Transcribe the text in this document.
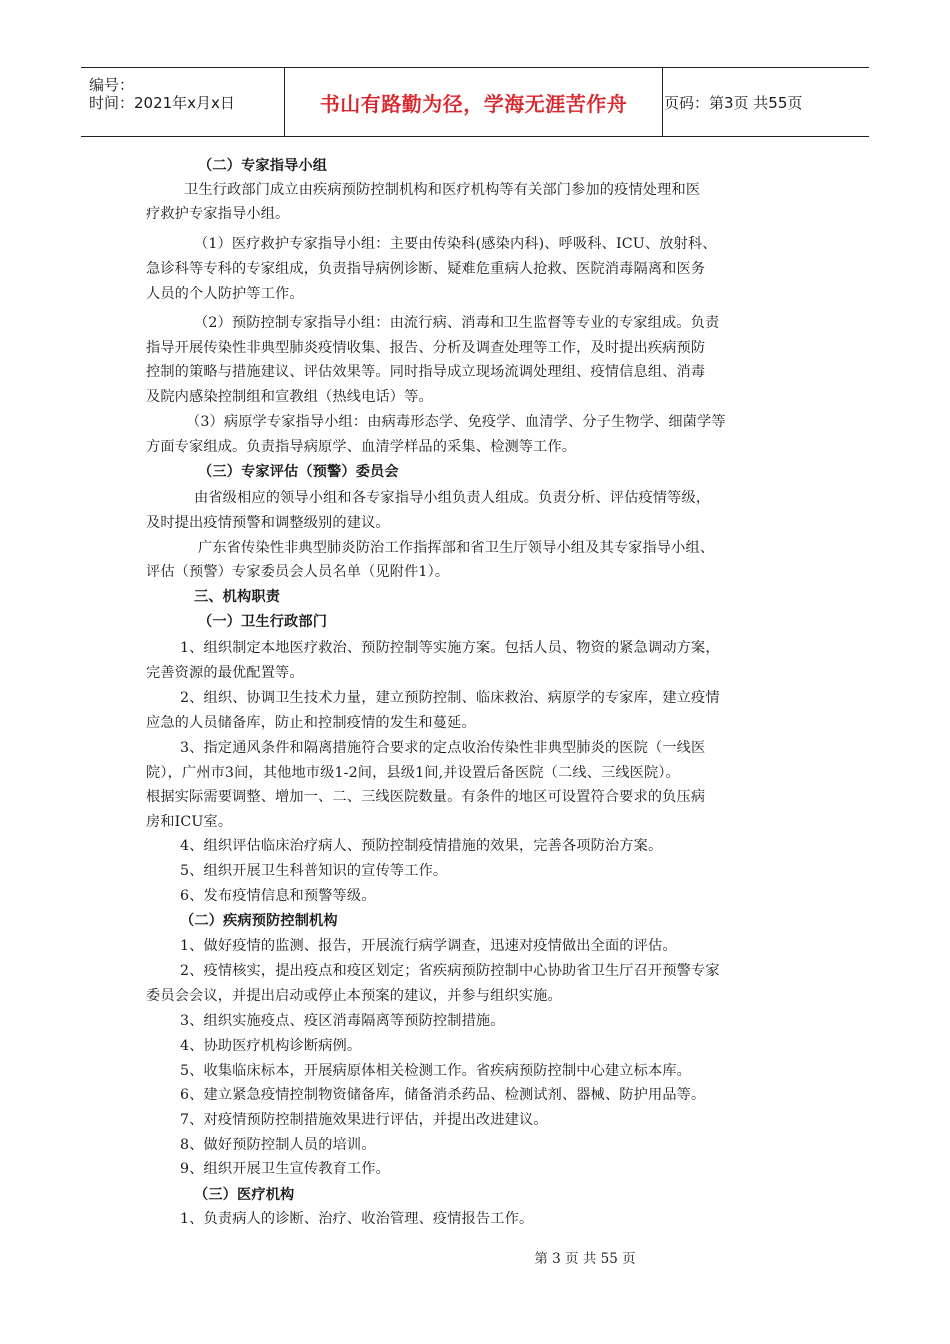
编号：
时间：2021年x月x日	书山有路勤为径，学海无涯苦作舟 页码：第3页 共55页
（二）专家指导小组
卫生行政部门成立由疾病预防控制机构和医疗机构等有关部门参加的疫情处理和医
疗救护专家指导小组。
（1）医疗救护专家指导小组：主要由传染科(感染内科)、呼吸科、ICU、放射科、
急诊科等专科的专家组成，负责指导病例诊断、疑难危重病人抢救、医院消毒隔离和医务
人员的个人防护等工作。
（2）预防控制专家指导小组：由流行病、消毒和卫生监督等专业的专家组成。负责
指导开展传染性非典型肺炎疫情收集、报告、分析及调查处理等工作，及时提出疾病预防
控制的策略与措施建议、评估效果等。同时指导成立现场流调处理组、疫情信息组、消毒
及院内感染控制组和宣教组（热线电话）等。
（3）病原学专家指导小组：由病毒形态学、免疫学、血清学、分子生物学、细菌学等
方面专家组成。负责指导病原学、血清学样品的采集、检测等工作。
（三）专家评估（预警）委员会
由省级相应的领导小组和各专家指导小组负责人组成。负责分析、评估疫情等级，
及时提出疫情预警和调整级别的建议。
广东省传染性非典型肺炎防治工作指挥部和省卫生厅领导小组及其专家指导小组、
评估（预警）专家委员会人员名单（见附件1）。
三、机构职责
（一）卫生行政部门
1、组织制定本地医疗救治、预防控制等实施方案。包括人员、物资的紧急调动方案，
完善资源的最优配置等。
2、组织、协调卫生技术力量，建立预防控制、临床救治、病原学的专家库，建立疫情
应急的人员储备库，防止和控制疫情的发生和蔓延。
3、指定通风条件和隔离措施符合要求的定点收治传染性非典型肺炎的医院（一线医
院），广州市3间，其他地市级1-2间，县级1间,并设置后备医院（二线、三线医院）。
根据实际需要调整、增加一、二、三线医院数量。有条件的地区可设置符合要求的负压病
房和ICU室。
4、组织评估临床治疗病人、预防控制疫情措施的效果，完善各项防治方案。
5、组织开展卫生科普知识的宣传等工作。
6、发布疫情信息和预警等级。
（二）疾病预防控制机构
1、做好疫情的监测、报告，开展流行病学调查，迅速对疫情做出全面的评估。
2、疫情核实，提出疫点和疫区划定；省疾病预防控制中心协助省卫生厅召开预警专家
委员会会议，并提出启动或停止本预案的建议，并参与组织实施。
3、组织实施疫点、疫区消毒隔离等预防控制措施。
4、协助医疗机构诊断病例。
5、收集临床标本，开展病原体相关检测工作。省疾病预防控制中心建立标本库。
6、建立紧急疫情控制物资储备库，储备消杀药品、检测试剂、器械、防护用品等。
7、对疫情预防控制措施效果进行评估，并提出改进建议。
8、做好预防控制人员的培训。
9、组织开展卫生宣传教育工作。
（三）医疗机构
1、负责病人的诊断、治疗、收治管理、疫情报告工作。
第 3 页 共 55 页
